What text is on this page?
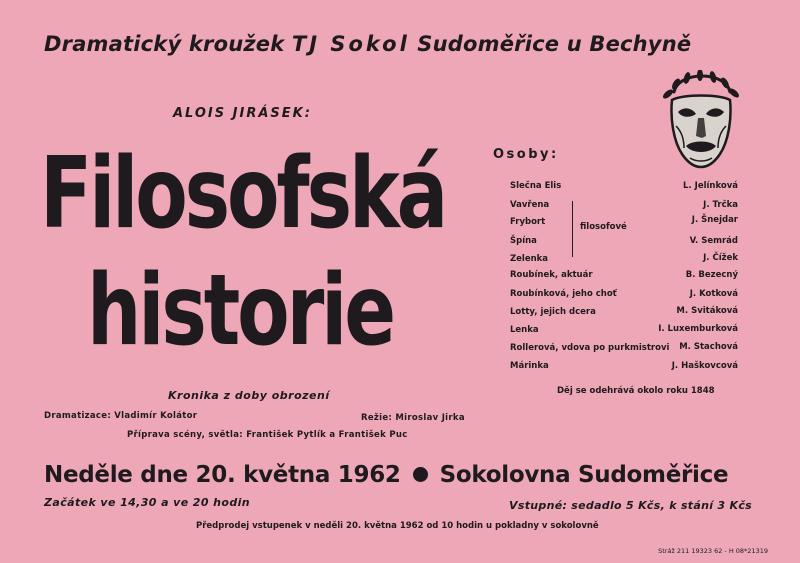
Dramatický kroužek TJ Sokol Sudoměřice u Bechyně
ALOIS JIRÁSEK:
Filosofská
historie
Kronika z doby obrození
Dramatizace: Vladimír Kolátor	Režie: Miroslav Jirka
Příprava scény, světla: František Pytlík a František Puc
Osoby:
Slečna Elis	L. Jelínková
Vavřena	J. Trčka
Frybort	J. Šnejdar
Špína	V. Semrád
Zelenka	J. Čížek
Roubínek, aktuár	B. Bezecný
Roubínková, jeho choť	J. Kotková
Lotty, jejich dcera	M. Svitáková
Lenka	I. Luxemburková
Rollerová, vdova po purkmistrovi M. Stachová
Márinka	J. Haškovcová
filosofové
Děj se odehrává okolo roku 1848
Neděle dne 20. května 1962 Sokolovna Sudoměřice
Začátek ve 14,30 a ve 20 hodin	Vstupné: sedadlo 5 Kčs, k stání 3 Kčs
Předprodej vstupenek v neděli 20. května 1962 od 10 hodin u pokladny v sokolovně
Stráž 211 19323 62 - H 08*21319
